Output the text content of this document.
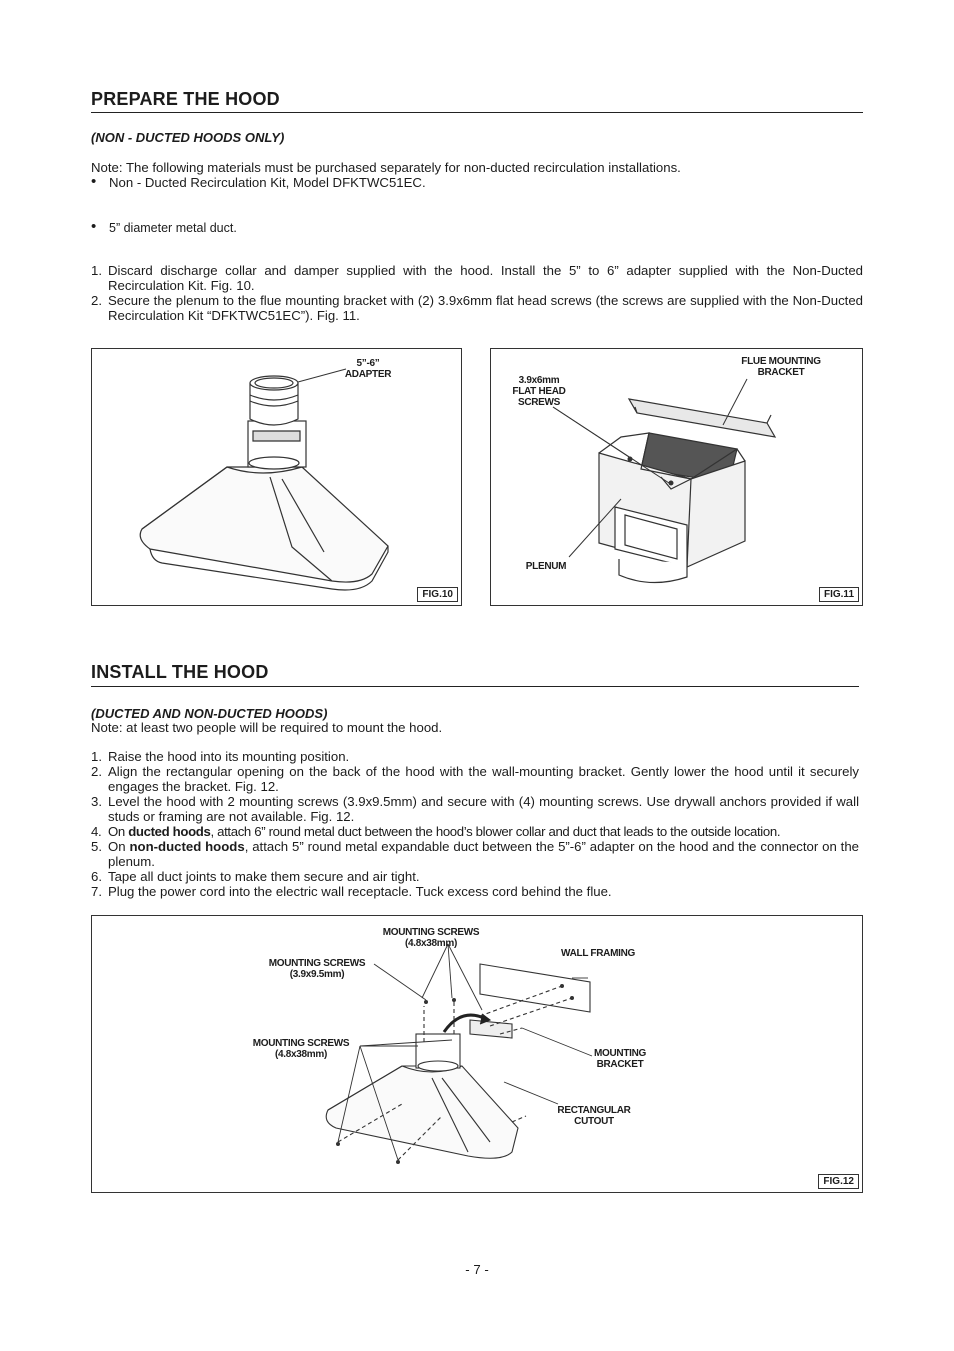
PREPARE THE HOOD
(NON - DUCTED HOODS ONLY)
Note: The following materials must be purchased separately for non-ducted recirculation installations.
• Non - Ducted Recirculation Kit, Model DFKTWC51EC.
• 5” diameter metal duct.
1. Discard discharge collar and damper supplied with the hood. Install the 5” to 6” adapter supplied with the Non-Ducted Recirculation Kit. Fig. 10.
2. Secure the plenum to the flue mounting bracket with (2) 3.9x6mm flat head screws (the screws are supplied with the Non-Ducted Recirculation Kit “DFKTWC51EC”). Fig. 11.
5”-6”
ADAPTER
FIG.10
3.9x6mm
FLAT HEAD
SCREWS
FLUE MOUNTING
BRACKET
PLENUM
FIG.11
INSTALL THE HOOD
(DUCTED AND NON-DUCTED HOODS)
Note: at least two people will be required to mount the hood.
1. Raise the hood into its mounting position.
2. Align the rectangular opening on the back of the hood with the wall-mounting bracket. Gently lower the hood until it securely engages the bracket. Fig. 12.
3. Level the hood with 2 mounting screws (3.9x9.5mm) and secure with (4) mounting screws. Use drywall anchors provided if wall studs or framing are not available. Fig. 12.
4. On ducted hoods, attach 6” round metal duct between the hood’s blower collar and duct that leads to the outside location.
5. On non-ducted hoods, attach 5” round metal expandable duct between the 5”-6” adapter on the hood and the connector on the plenum.
6. Tape all duct joints to make them secure and air tight.
7. Plug the power cord into the electric wall receptacle. Tuck excess cord behind the flue.
MOUNTING SCREWS
(4.8x38mm)
MOUNTING SCREWS
(3.9x9.5mm)
MOUNTING SCREWS
(4.8x38mm)
WALL FRAMING
MOUNTING
BRACKET
RECTANGULAR
CUTOUT
FIG.12
- 7 -
